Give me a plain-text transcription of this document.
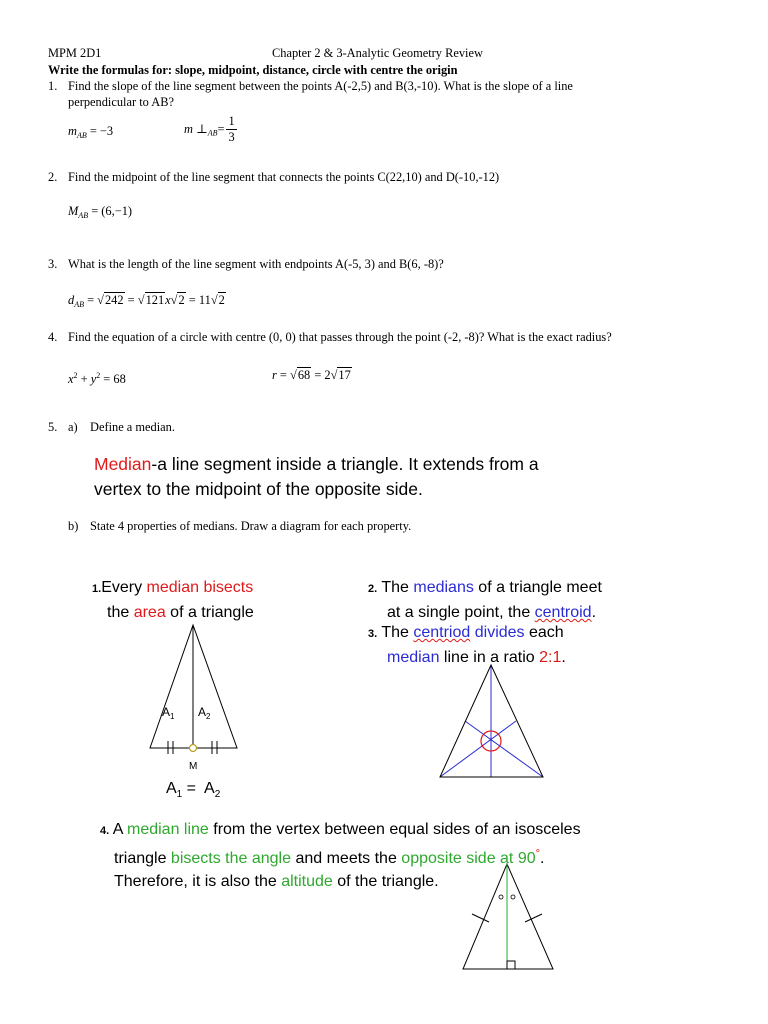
MPM 2D1	Chapter 2 & 3-Analytic Geometry Review
Write the formulas for: slope, midpoint, distance, circle with centre the origin
1. Find the slope of the line segment between the points A(-2,5) and B(3,-10). What is the slope of a line
perpendicular to AB?
$m_{AB} = -3$	m $\perp_{AB}= \frac{1}{3}$
2. Find the midpoint of the line segment that connects the points C(22,10) and D(-10,-12)
$M_{AB} = (6,-1)$
3. What is the length of the line segment with endpoints A(-5, 3) and B(6, -8)?
$d_{AB} = √242 = √121x√2 = 11√2$
4. Find the equation of a circle with centre (0, 0) that passes through the point (-2, -8)? What is the exact radius?
$x^2 + y^2 = 68$	r = √68 = 2√17
5. a) Define a median.
Median-a line segment inside a triangle. It extends from a
vertex to the midpoint of the opposite side.
b) State 4 properties of medians. Draw a diagram for each property.
1.Every median bisects
the area of a triangle
$A_1$ $A_2$
M
$A_1 = A_2$
2. The medians of a triangle meet
at a single point, the centroid.
3. The centriod divides each
median line in a ratio 2:1.
4. A median line from the vertex between equal sides of an isosceles
triangle bisects the angle and meets the opposite side at 90°.
Therefore, it is also the altitude of the triangle.
